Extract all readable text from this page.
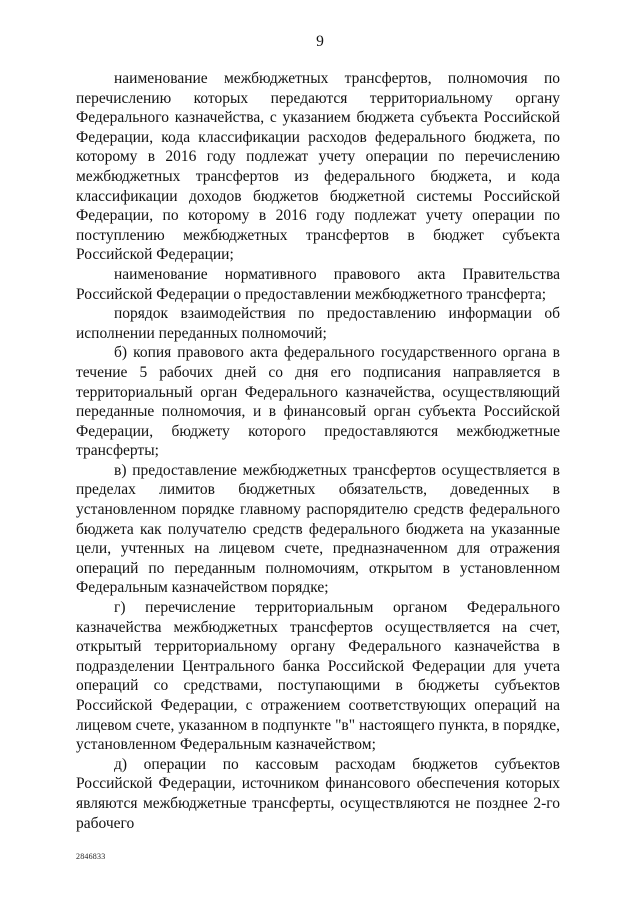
9

наименование межбюджетных трансфертов, полномочия по перечислению которых передаются территориальному органу Федерального казначейства, с указанием бюджета субъекта Российской Федерации, кода классификации расходов федерального бюджета, по которому в 2016 году подлежат учету операции по перечислению межбюджетных трансфертов из федерального бюджета, и кода классификации доходов бюджетов бюджетной системы Российской Федерации, по которому в 2016 году подлежат учету операции по поступлению межбюджетных трансфертов в бюджет субъекта Российской Федерации;

наименование нормативного правового акта Правительства Российской Федерации о предоставлении межбюджетного трансферта;

порядок взаимодействия по предоставлению информации об исполнении переданных полномочий;

б) копия правового акта федерального государственного органа в течение 5 рабочих дней со дня его подписания направляется в территориальный орган Федерального казначейства, осуществляющий переданные полномочия, и в финансовый орган субъекта Российской Федерации, бюджету которого предоставляются межбюджетные трансферты;

в) предоставление межбюджетных трансфертов осуществляется в пределах лимитов бюджетных обязательств, доведенных в установленном порядке главному распорядителю средств федерального бюджета как получателю средств федерального бюджета на указанные цели, учтенных на лицевом счете, предназначенном для отражения операций по переданным полномочиям, открытом в установленном Федеральным казначейством порядке;

г) перечисление территориальным органом Федерального казначейства межбюджетных трансфертов осуществляется на счет, открытый территориальному органу Федерального казначейства в подразделении Центрального банка Российской Федерации для учета операций со средствами, поступающими в бюджеты субъектов Российской Федерации, с отражением соответствующих операций на лицевом счете, указанном в подпункте "в" настоящего пункта, в порядке, установленном Федеральным казначейством;

д) операции по кассовым расходам бюджетов субъектов Российской Федерации, источником финансового обеспечения которых являются межбюджетные трансферты, осуществляются не позднее 2-го рабочего

2846833
